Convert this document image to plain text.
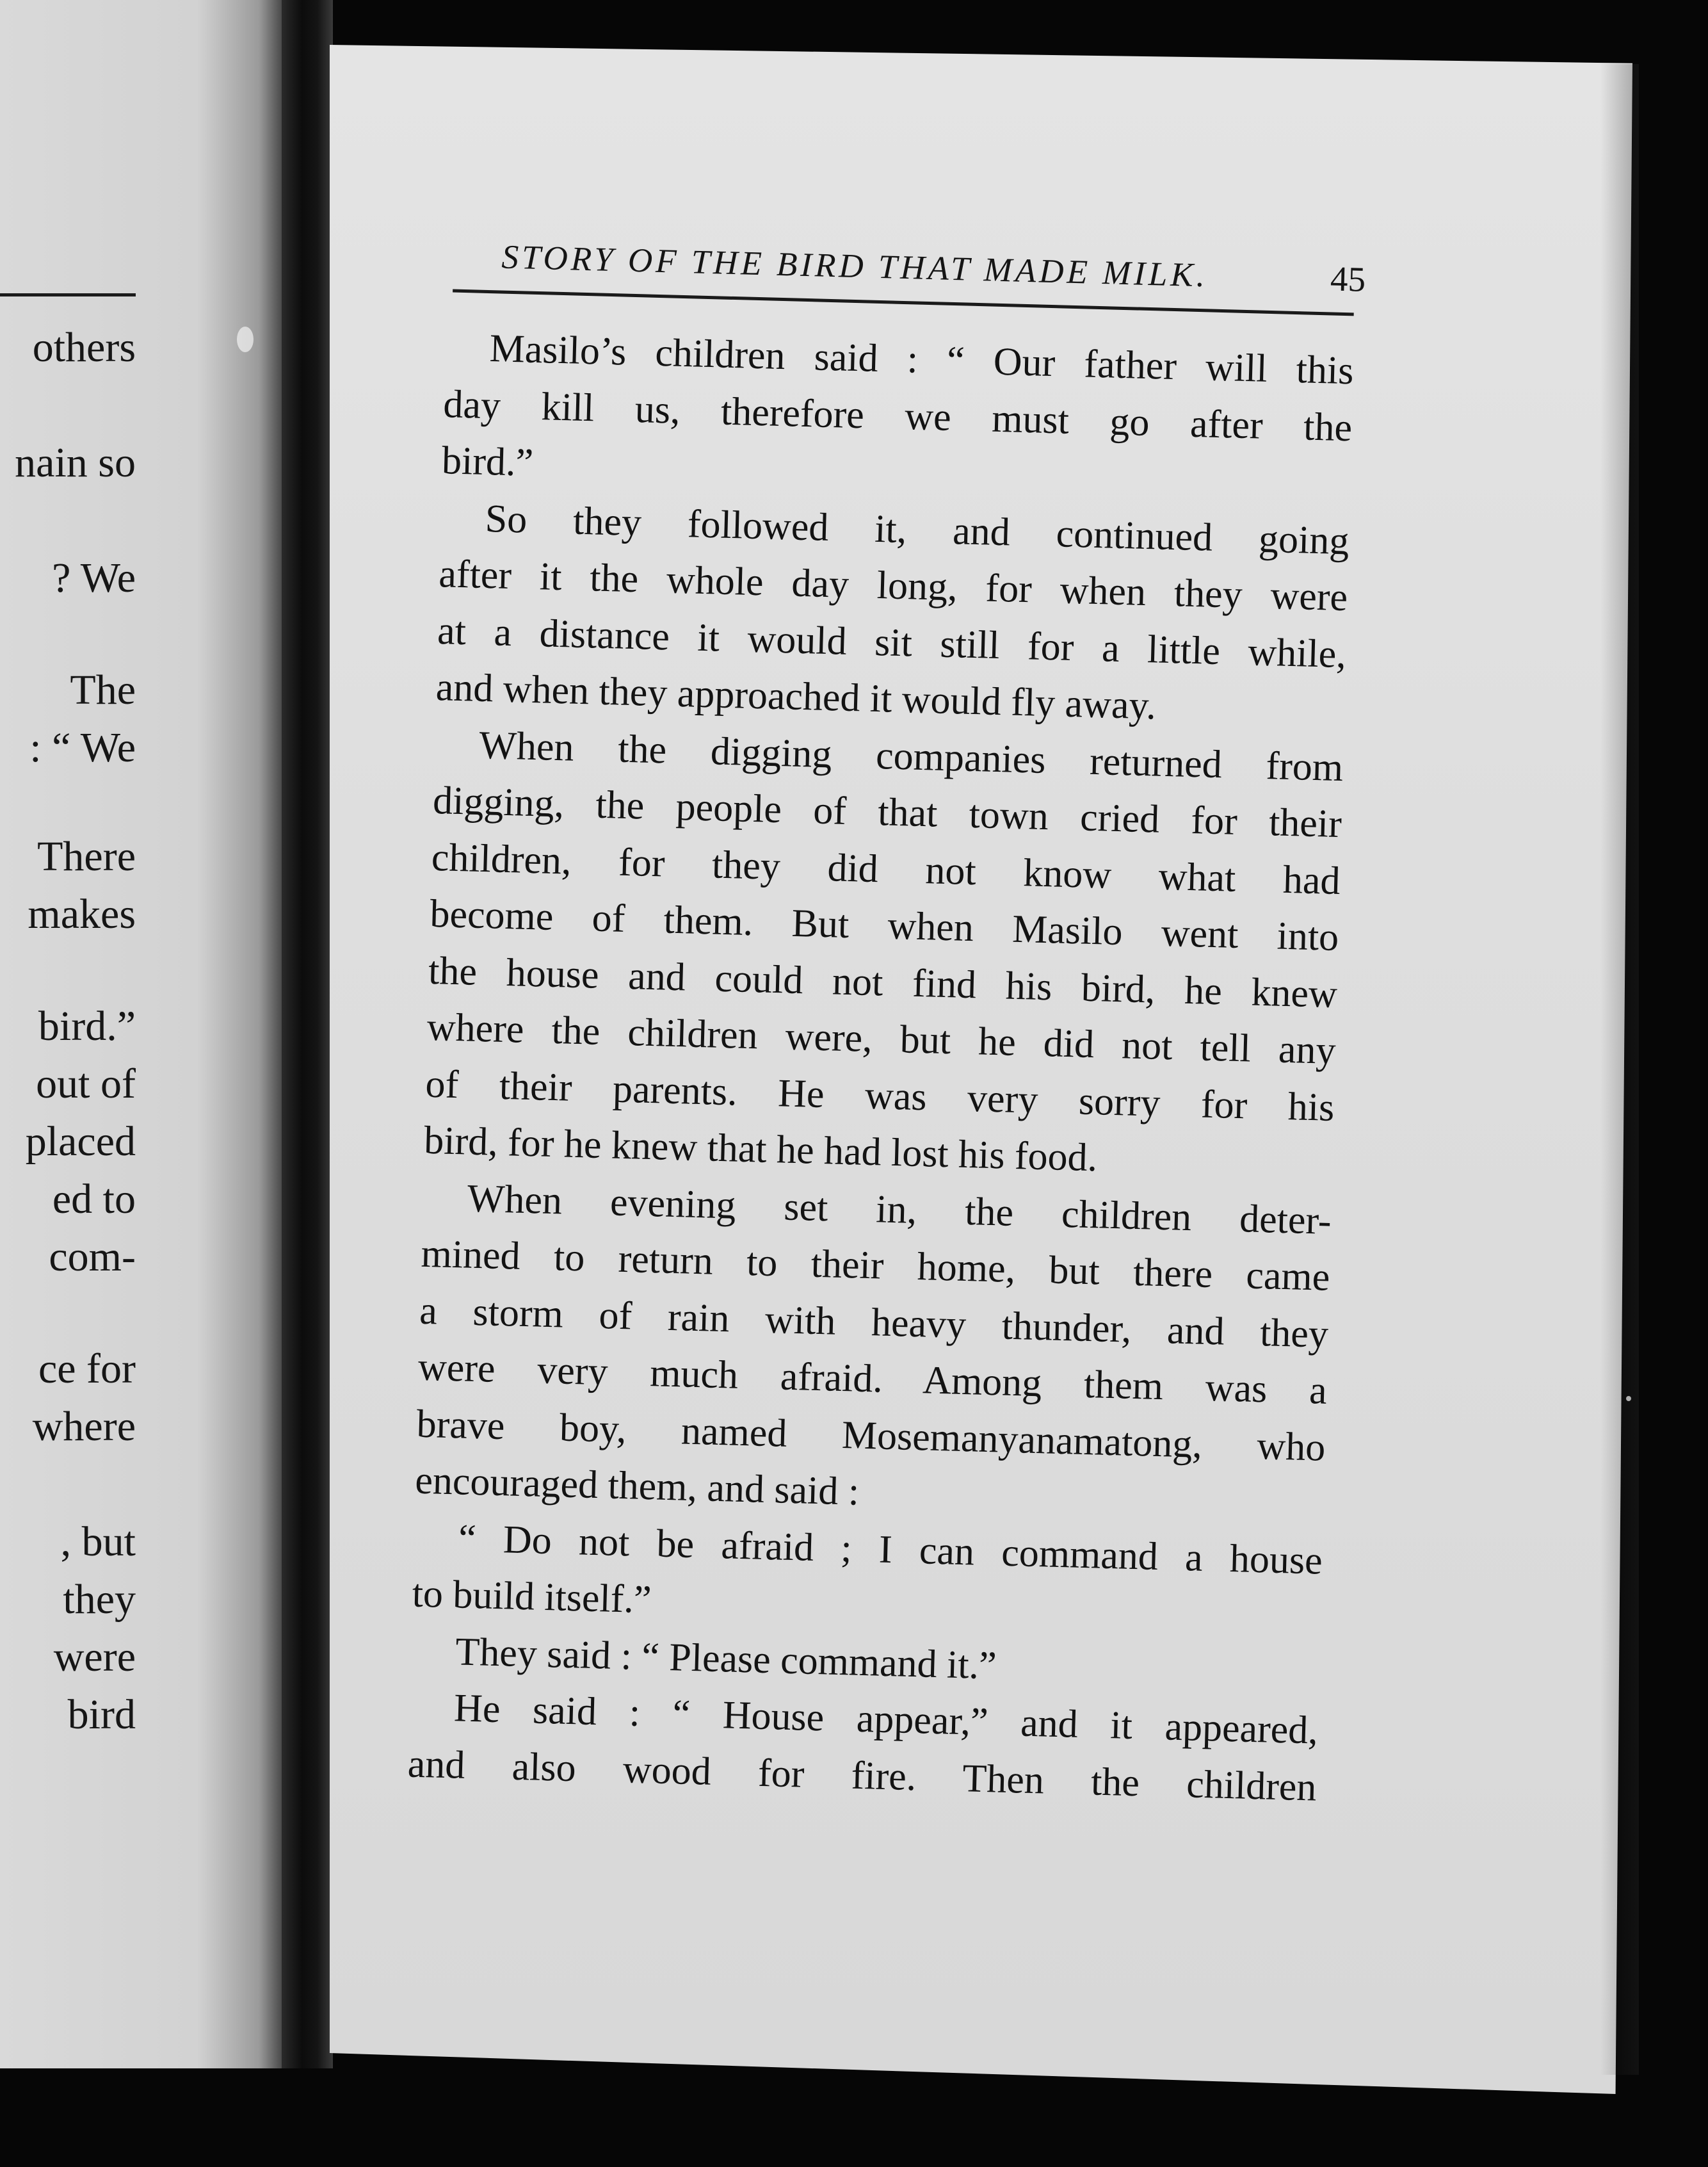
others
nain so
? We
The
: “ We
There
makes
bird.”
out of
placed
ed to
com-
ce for
where
, but
they
were
bird
STORY OF THE BIRD THAT MADE MILK.	45
Masilo’s children said : “ Our father will this
day kill us, therefore we must go after the
bird.”
So they followed it, and continued going
after it the whole day long, for when they were
at a distance it would sit still for a little while,
and when they approached it would fly away.
When the digging companies returned from
digging, the people of that town cried for their
children, for they did not know what had
become of them. But when Masilo went into
the house and could not find his bird, he knew
where the children were, but he did not tell any
of their parents. He was very sorry for his
bird, for he knew that he had lost his food.
When evening set in, the children deter-
mined to return to their home, but there came
a storm of rain with heavy thunder, and they
were very much afraid. Among them was a
brave boy, named Mosemanyanamatong, who
encouraged them, and said :
“ Do not be afraid ; I can command a house
to build itself.”
They said : “ Please command it.”
He said : “ House appear,” and it appeared,
and also wood for fire. Then the children
